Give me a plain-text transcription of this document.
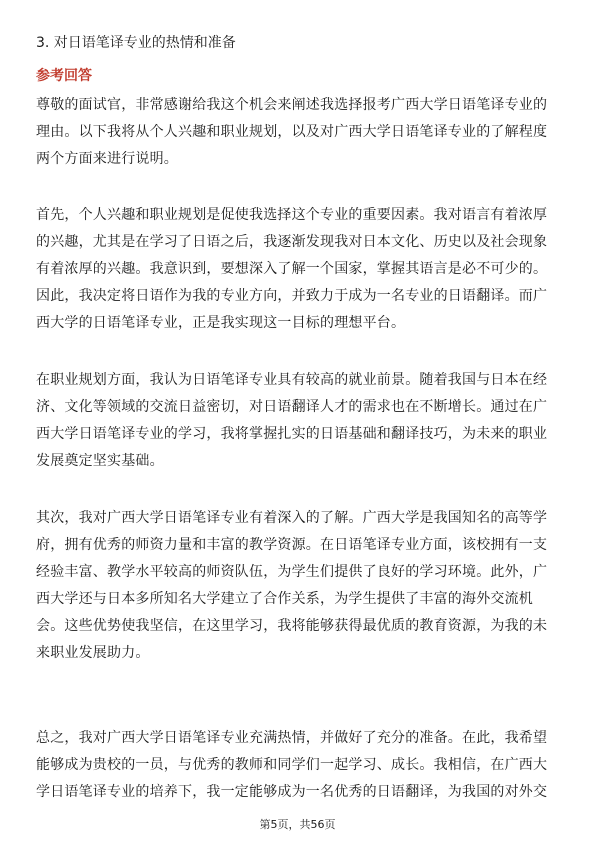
3. 对日语笔译专业的热情和准备
参考回答
尊敬的面试官，非常感谢给我这个机会来阐述我选择报考广西大学日语笔译专业的
理由。以下我将从个人兴趣和职业规划，以及对广西大学日语笔译专业的了解程度
两个方面来进行说明。
首先，个人兴趣和职业规划是促使我选择这个专业的重要因素。我对语言有着浓厚
的兴趣，尤其是在学习了日语之后，我逐渐发现我对日本文化、历史以及社会现象
有着浓厚的兴趣。我意识到，要想深入了解一个国家，掌握其语言是必不可少的。
因此，我决定将日语作为我的专业方向，并致力于成为一名专业的日语翻译。而广
西大学的日语笔译专业，正是我实现这一目标的理想平台。
在职业规划方面，我认为日语笔译专业具有较高的就业前景。随着我国与日本在经
济、文化等领域的交流日益密切，对日语翻译人才的需求也在不断增长。通过在广
西大学日语笔译专业的学习，我将掌握扎实的日语基础和翻译技巧，为未来的职业
发展奠定坚实基础。
其次，我对广西大学日语笔译专业有着深入的了解。广西大学是我国知名的高等学
府，拥有优秀的师资力量和丰富的教学资源。在日语笔译专业方面，该校拥有一支
经验丰富、教学水平较高的师资队伍，为学生们提供了良好的学习环境。此外，广
西大学还与日本多所知名大学建立了合作关系，为学生提供了丰富的海外交流机
会。这些优势使我坚信，在这里学习，我将能够获得最优质的教育资源，为我的未
来职业发展助力。
总之，我对广西大学日语笔译专业充满热情，并做好了充分的准备。在此，我希望
能够成为贵校的一员，与优秀的教师和同学们一起学习、成长。我相信，在广西大
学日语笔译专业的培养下，我一定能够成为一名优秀的日语翻译，为我国的对外交
第5页，共56页
